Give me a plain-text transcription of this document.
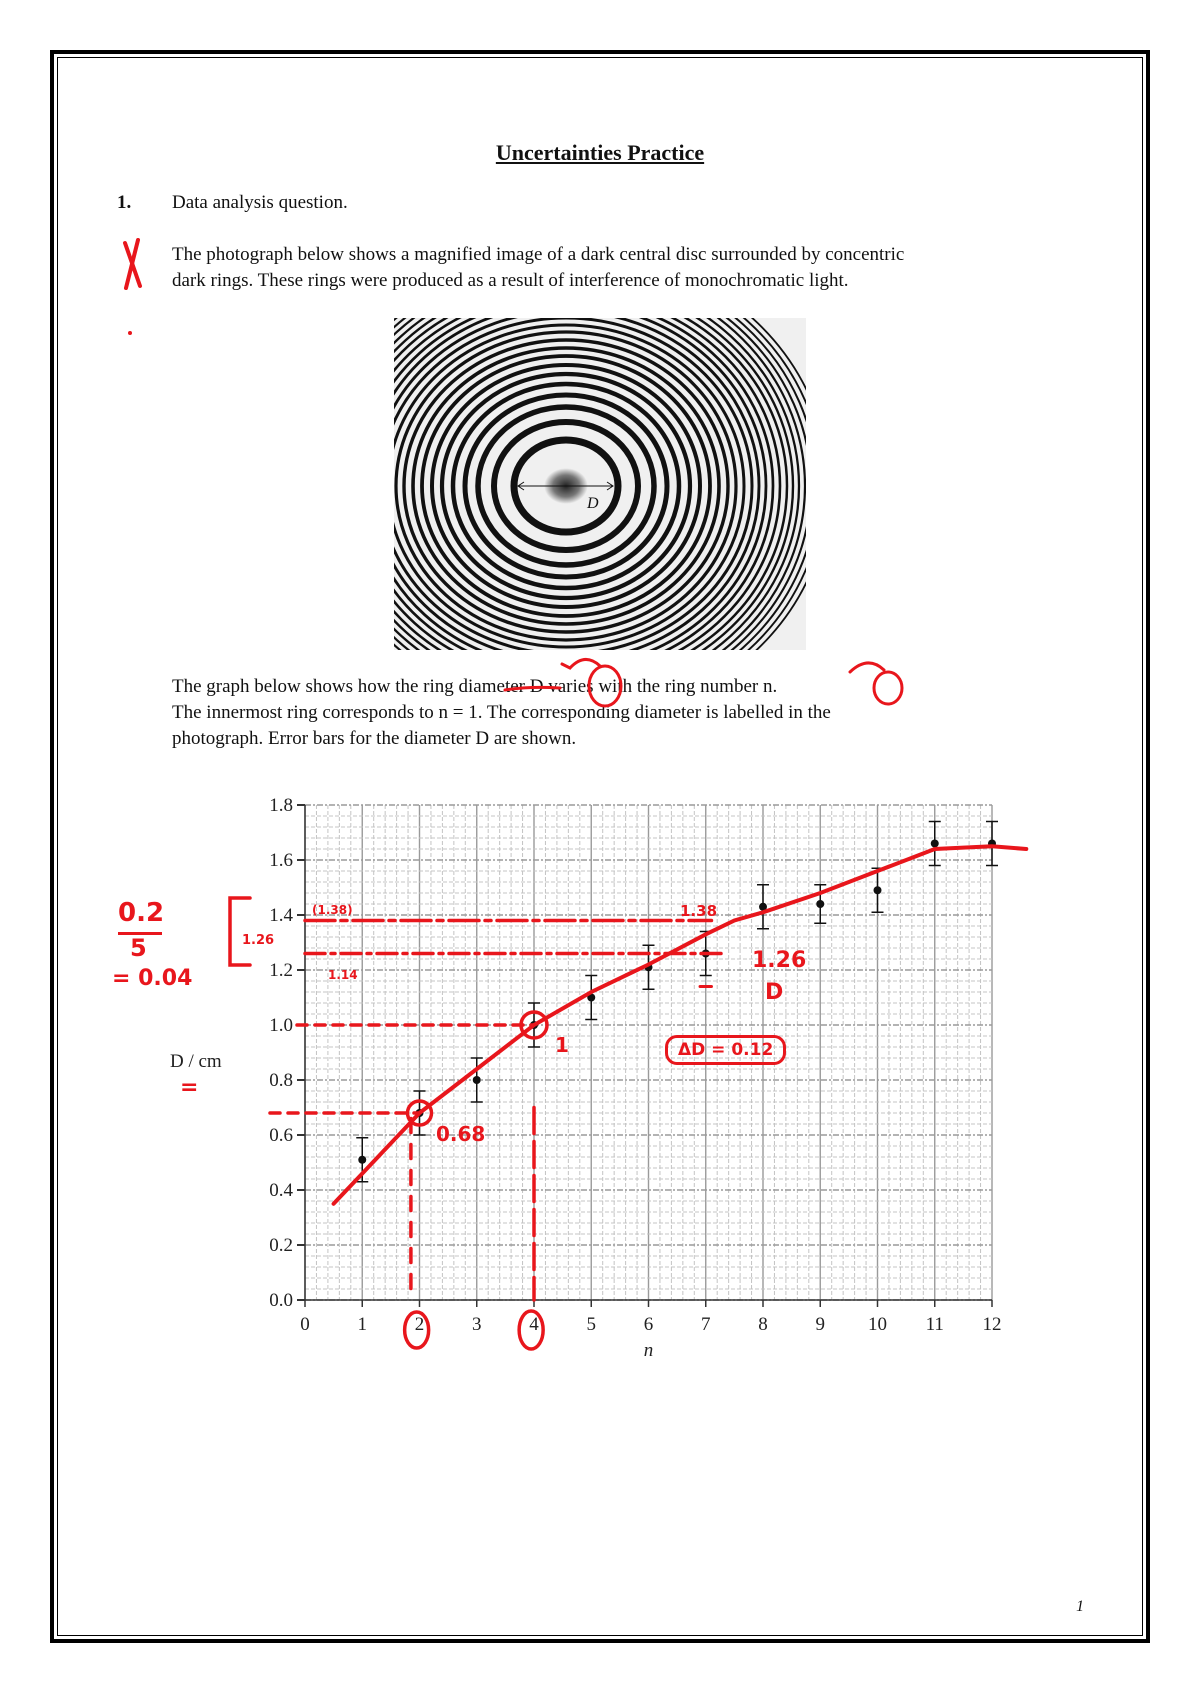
Uncertainties Practice
1. Data analysis question.
The photograph below shows a magnified image of a dark central disc surrounded by concentric
dark rings. These rings were produced as a result of interference of monochromatic light.
D
The graph below shows how the ring diameter D varies with the ring number n.
The innermost ring corresponds to n = 1. The corresponding diameter is labelled in the
photograph. Error bars for the diameter D are shown.
0	1	2	3	4	5	6	7	8	9 10 11 12
0.0
0.2
0.4
0.6
0.8
1.0
1.2
1.4
1.6
1.8
n
D / cm
0.2
5
= 0.04
1.26
(1.38)
1.14
1.38
1.26
D
0.68
1	ΔD = 0.12
=
1
